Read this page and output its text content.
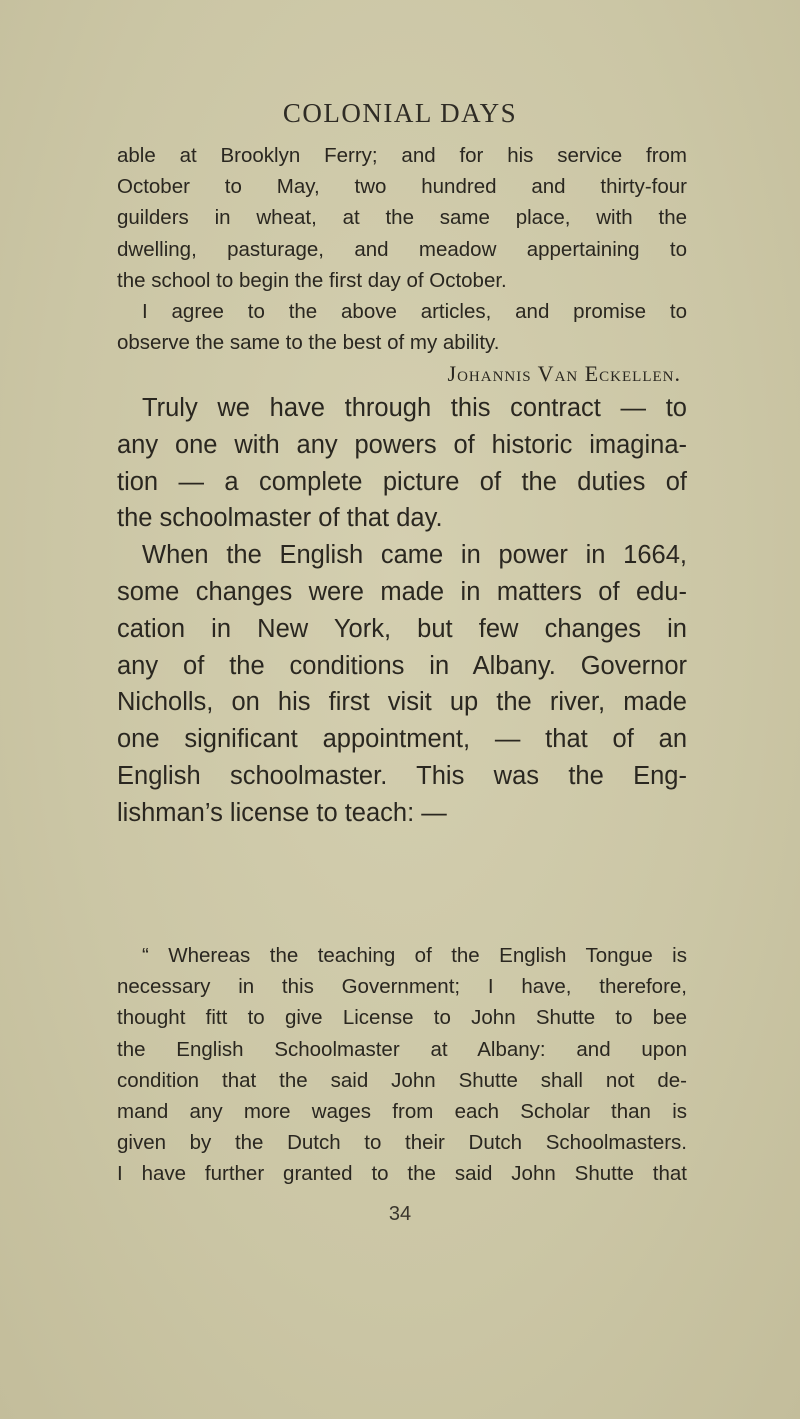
COLONIAL DAYS
able at Brooklyn Ferry; and for his service from
October to May, two hundred and thirty-four
guilders in wheat, at the same place, with the
dwelling, pasturage, and meadow appertaining to
the school to begin the first day of October.
I agree to the above articles, and promise to
observe the same to the best of my ability.
Johannis Van Eckellen.
Truly we have through this contract — to
any one with any powers of historic imagina-
tion — a complete picture of the duties of
the schoolmaster of that day.
When the English came in power in 1664,
some changes were made in matters of edu-
cation in New York, but few changes in
any of the conditions in Albany. Governor
Nicholls, on his first visit up the river, made
one significant appointment, — that of an
English schoolmaster. This was the Eng-
lishman’s license to teach: —
“ Whereas the teaching of the English Tongue is
necessary in this Government; I have, therefore,
thought fitt to give License to John Shutte to bee
the English Schoolmaster at Albany: and upon
condition that the said John Shutte shall not de-
mand any more wages from each Scholar than is
given by the Dutch to their Dutch Schoolmasters.
I have further granted to the said John Shutte that
34
